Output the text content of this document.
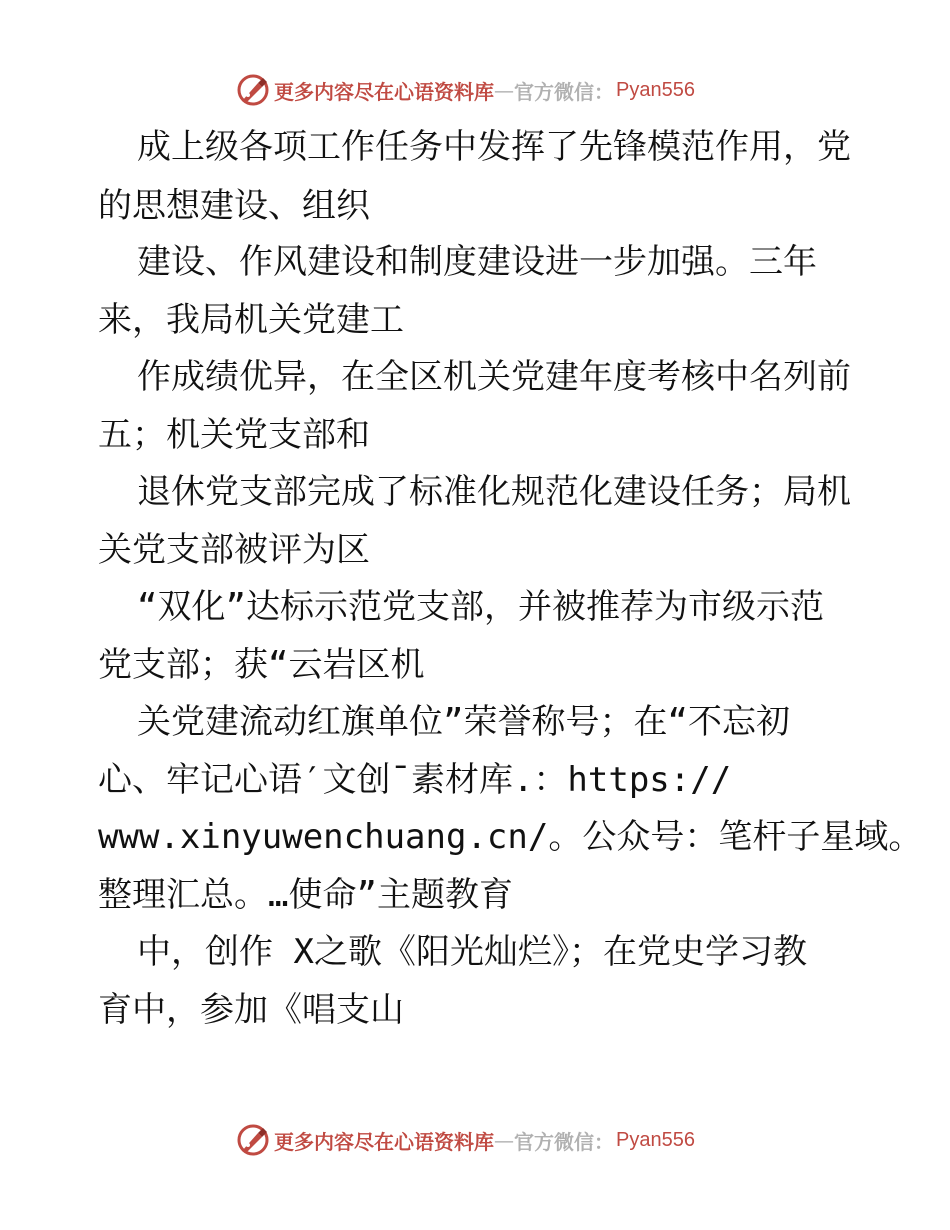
更多内容尽在心语资料库 — 官方微信： Pyan556
成上级各项工作任务中发挥了先锋模范作用，党
的思想建设、组织
建设、作风建设和制度建设进一步加强。三年
来，我局机关党建工
作成绩优异，在全区机关党建年度考核中名列前
五；机关党支部和
退休党支部完成了标准化规范化建设任务；局机
关党支部被评为区
“双化”达标示范党支部，并被推荐为市级示范
党支部；获“云岩区机
关党建流动红旗单位”荣誉称号；在“不忘初
心、牢记心语′文创¯素材库.：https://
www.xinyuwenchuang.cn/。公众号：笔杆子星域。
整理汇总。…使命”主题教育
中，创作 X之歌《阳光灿烂》；在党史学习教
育中，参加《唱支山
更多内容尽在心语资料库 — 官方微信： Pyan556
